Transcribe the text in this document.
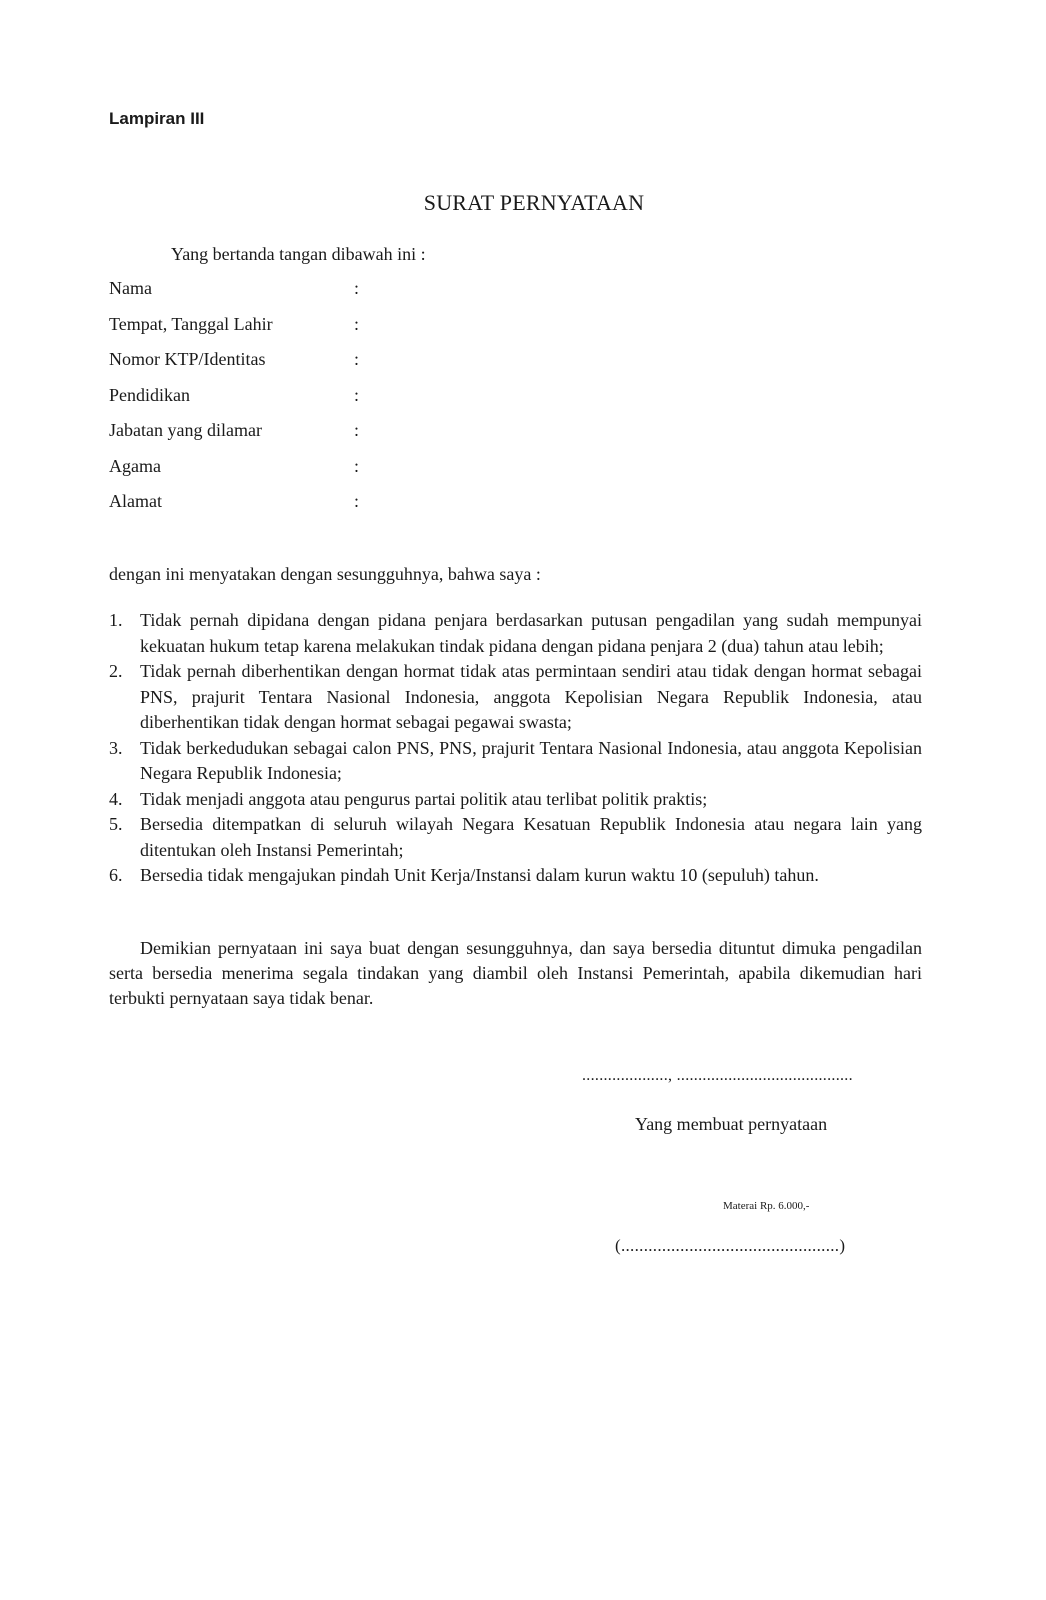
Lampiran III
SURAT PERNYATAAN
Yang bertanda tangan dibawah ini :
Nama	:
Tempat, Tanggal Lahir	:
Nomor KTP/Identitas	:
Pendidikan	:
Jabatan yang dilamar	:
Agama	:
Alamat	:
dengan ini menyatakan dengan sesungguhnya, bahwa saya :
1. Tidak pernah dipidana dengan pidana penjara berdasarkan putusan pengadilan yang sudah mempunyai kekuatan hukum tetap karena melakukan tindak pidana dengan pidana penjara 2 (dua) tahun atau lebih;
2. Tidak pernah diberhentikan dengan hormat tidak atas permintaan sendiri atau tidak dengan hormat sebagai PNS, prajurit Tentara Nasional Indonesia, anggota Kepolisian Negara Republik Indonesia, atau diberhentikan tidak dengan hormat sebagai pegawai swasta;
3. Tidak berkedudukan sebagai calon PNS, PNS, prajurit Tentara Nasional Indonesia, atau anggota Kepolisian Negara Republik Indonesia;
4. Tidak menjadi anggota atau pengurus partai politik atau terlibat politik praktis;
5. Bersedia ditempatkan di seluruh wilayah Negara Kesatuan Republik Indonesia atau negara lain yang ditentukan oleh Instansi Pemerintah;
6. Bersedia tidak mengajukan pindah Unit Kerja/Instansi dalam kurun waktu 10 (sepuluh) tahun.
Demikian pernyataan ini saya buat dengan sesungguhnya, dan saya bersedia dituntut dimuka pengadilan serta bersedia menerima segala tindakan yang diambil oleh Instansi Pemerintah, apabila dikemudian hari terbukti pernyataan saya tidak benar.
...................., .........................................
Yang membuat pernyataan
Materai Rp. 6.000,-
(................................................)
